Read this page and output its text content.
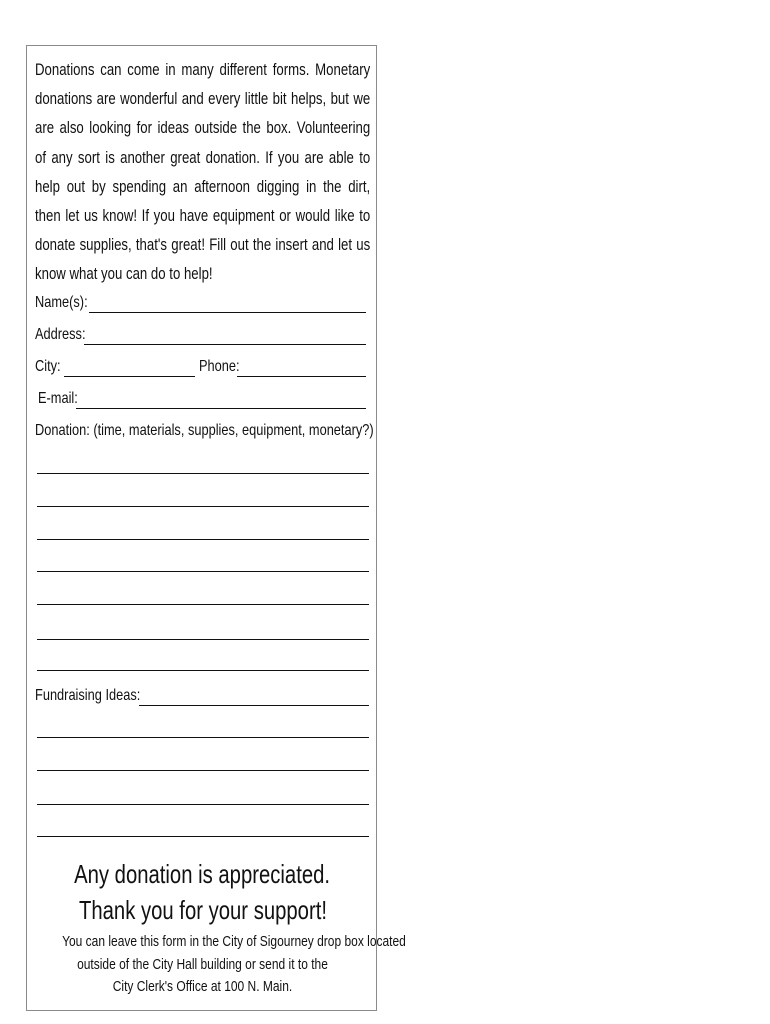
Donations can come in many different forms. Monetary donations are wonderful and every little bit helps, but we are also looking for ideas outside the box. Volunteering of any sort is another great donation. If you are able to help out by spending an afternoon digging in the dirt, then let us know! If you have equipment or would like to donate supplies, that's great! Fill out the insert and let us know what you can do to help!
Name(s):
Address:
City:	Phone:
E-mail:
Donation: (time, materials, supplies, equipment, monetary?)
Fundraising Ideas:
Any donation is appreciated.
Thank you for your support!
You can leave this form in the City of Sigourney drop box located
outside of the City Hall building or send it to the
City Clerk's Office at 100 N. Main.
